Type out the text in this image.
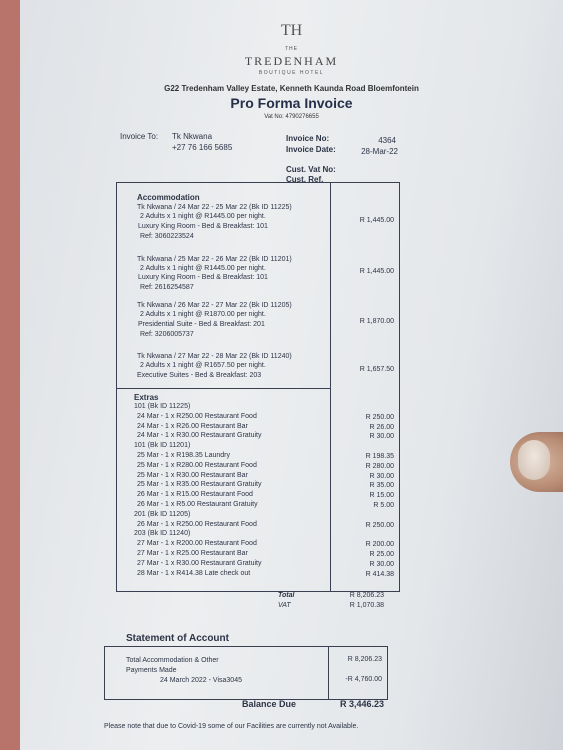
TH
THE
TREDENHAM
BOUTIQUE HOTEL
G22 Tredenham Valley Estate, Kenneth Kaunda Road Bloemfontein
Pro Forma Invoice
Vat No: 4790276655
Invoice To: Tk Nkwana
+27 76 166 5685
Invoice No:	4364
Invoice Date:	28-Mar-22
Cust. Vat No:
Cust. Ref.
Accommodation
Tk Nkwana / 24 Mar 22 - 25 Mar 22 (Bk ID 11225)
2 Adults x 1 night @ R1445.00 per night.
Luxury King Room - Bed & Breakfast: 101
Ref: 3060223524
R 1,445.00
Tk Nkwana / 25 Mar 22 - 26 Mar 22 (Bk ID 11201)
2 Adults x 1 night @ R1445.00 per night.
Luxury King Room - Bed & Breakfast: 101
Ref: 2616254587
R 1,445.00
Tk Nkwana / 26 Mar 22 - 27 Mar 22 (Bk ID 11205)
2 Adults x 1 night @ R1870.00 per night.
Presidential Suite - Bed & Breakfast: 201
Ref: 3206005737
R 1,870.00
Tk Nkwana / 27 Mar 22 - 28 Mar 22 (Bk ID 11240)
2 Adults x 1 night @ R1657.50 per night.
Executive Suites - Bed & Breakfast: 203
R 1,657.50
Extras
101 (Bk ID 11225)
24 Mar - 1 x R250.00 Restaurant Food	R 250.00
24 Mar - 1 x R26.00 Restaurant Bar	R 26.00
24 Mar - 1 x R30.00 Restaurant Gratuity	R 30.00
101 (Bk ID 11201)
25 Mar - 1 x R198.35 Laundry	R 198.35
25 Mar - 1 x R280.00 Restaurant Food	R 280.00
25 Mar - 1 x R30.00 Restaurant Bar	R 30.00
25 Mar - 1 x R35.00 Restaurant Gratuity	R 35.00
26 Mar - 1 x R15.00 Restaurant Food	R 15.00
26 Mar - 1 x R5.00 Restaurant Gratuity	R 5.00
201 (Bk ID 11205)
26 Mar - 1 x R250.00 Restaurant Food	R 250.00
203 (Bk ID 11240)
27 Mar - 1 x R200.00 Restaurant Food	R 200.00
27 Mar - 1 x R25.00 Restaurant Bar	R 25.00
27 Mar - 1 x R30.00 Restaurant Gratuity	R 30.00
28 Mar - 1 x R414.38 Late check out	R 414.38
Total	R 8,206.23
VAT	R 1,070.38
Statement of Account
Total Accommodation & Other	R 8,206.23
Payments Made
24 March 2022 - Visa3045	-R 4,760.00
Balance Due	R 3,446.23
Please note that due to Covid-19 some of our Facilities are currently not Available.
